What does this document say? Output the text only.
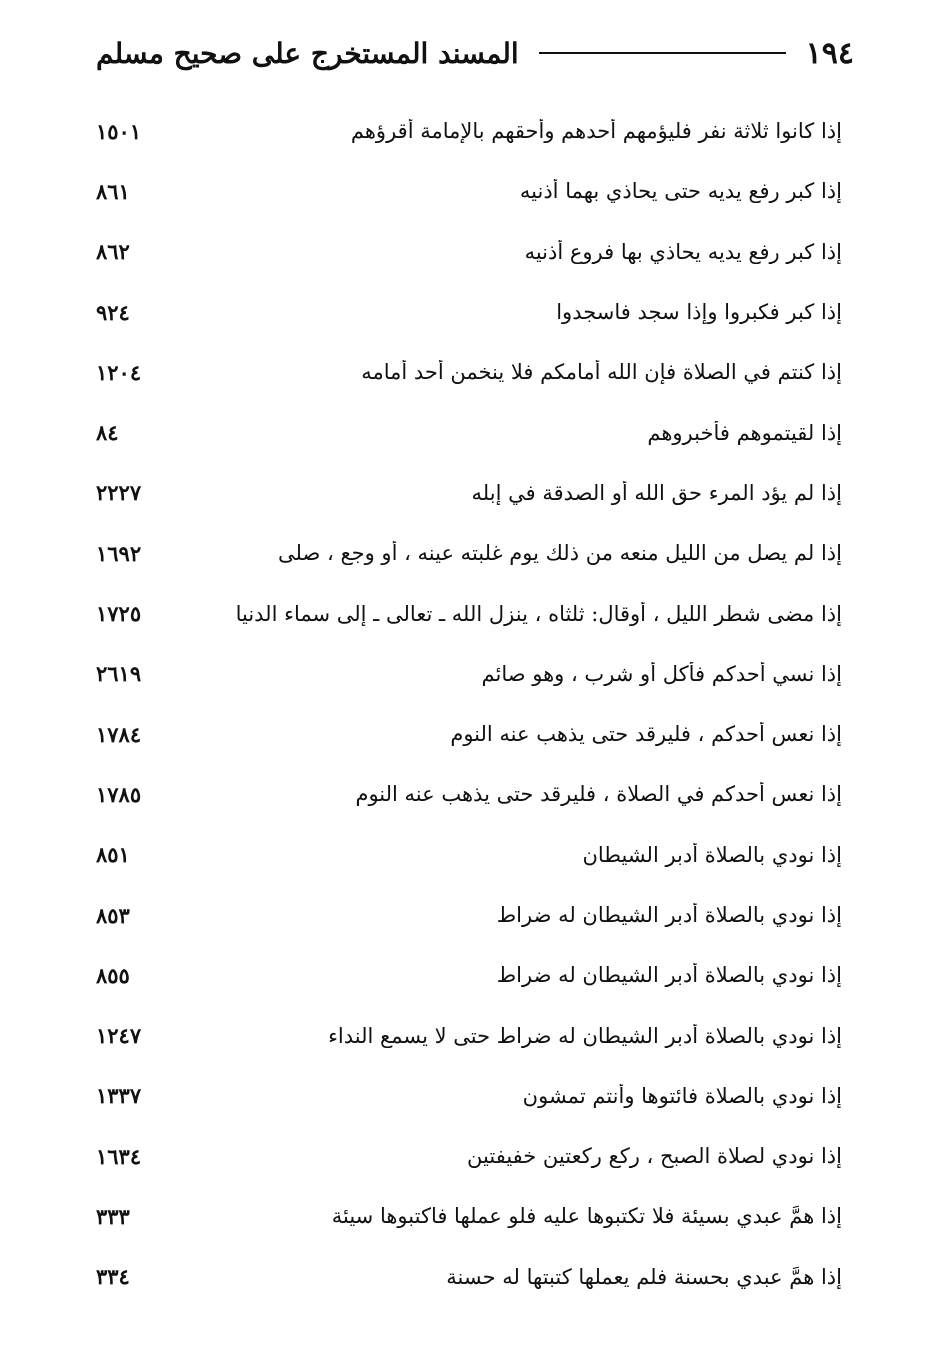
١٩٤
المسند المستخرج على صحيح مسلم
إذا كانوا ثلاثة نفر فليؤمهم أحدهم وأحقهم بالإمامة أقرؤهم
١٥٠١
إذا كبر رفع يديه حتى يحاذي بهما أذنيه
٨٦١
إذا كبر رفع يديه يحاذي بها فروع أذنيه
٨٦٢
إذا كبر فكبروا وإذا سجد فاسجدوا
٩٢٤
إذا كنتم في الصلاة فإن الله أمامكم فلا ينخمن أحد أمامه
١٢٠٤
إذا لقيتموهم فأخبروهم
٨٤
إذا لم يؤد المرء حق الله أو الصدقة في إبله
٢٢٢٧
إذا لم يصل من الليل منعه من ذلك يوم غلبته عينه ، أو وجع ، صلى
١٦٩٢
إذا مضى شطر الليل ، أوقال: ثلثاه ، ينزل الله ـ تعالى ـ إلى سماء الدنيا
١٧٢٥
إذا نسي أحدكم فأكل أو شرب ، وهو صائم
٢٦١٩
إذا نعس أحدكم ، فليرقد حتى يذهب عنه النوم
١٧٨٤
إذا نعس أحدكم في الصلاة ، فليرقد حتى يذهب عنه النوم
١٧٨٥
إذا نودي بالصلاة أدبر الشيطان
٨٥١
إذا نودي بالصلاة أدبر الشيطان له ضراط
٨٥٣
إذا نودي بالصلاة أدبر الشيطان له ضراط
٨٥٥
إذا نودي بالصلاة أدبر الشيطان له ضراط حتى لا يسمع النداء
١٢٤٧
إذا نودي بالصلاة فائتوها وأنتم تمشون
١٣٣٧
إذا نودي لصلاة الصبح ، ركع ركعتين خفيفتين
١٦٣٤
إذا همَّ عبدي بسيئة فلا تكتبوها عليه فلو عملها فاكتبوها سيئة
٣٣٣
إذا همَّ عبدي بحسنة فلم يعملها كتبتها له حسنة
٣٣٤
